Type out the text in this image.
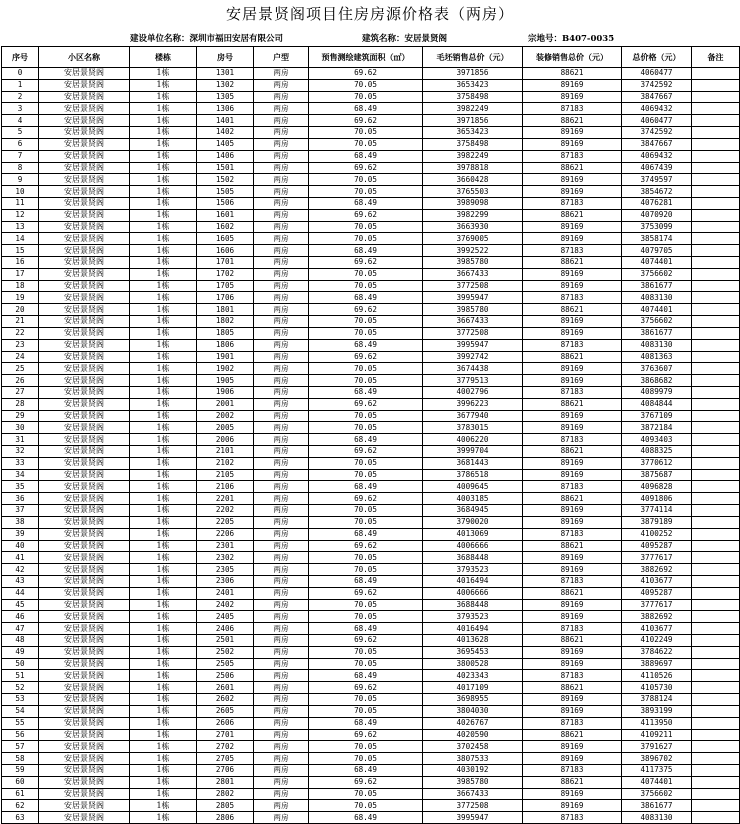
安居景贤阁项目住房房源价格表（两房）
建设单位名称：深圳市福田安居有限公司	建筑名称：安居景贤阁	宗地号：B407-0035
序号	小区名称	楼栋	房号	户型	预售测绘建筑面积（㎡）	毛坯销售总价（元）	装修销售总价（元）	总价格（元）	备注
0	安居景贤阁	1栋	1301	两房	69.62	3971856	88621	4060477	
1	安居景贤阁	1栋	1302	两房	70.05	3653423	89169	3742592	
2	安居景贤阁	1栋	1305	两房	70.05	3758498	89169	3847667	
3	安居景贤阁	1栋	1306	两房	68.49	3982249	87183	4069432	
4	安居景贤阁	1栋	1401	两房	69.62	3971856	88621	4060477	
5	安居景贤阁	1栋	1402	两房	70.05	3653423	89169	3742592	
6	安居景贤阁	1栋	1405	两房	70.05	3758498	89169	3847667	
7	安居景贤阁	1栋	1406	两房	68.49	3982249	87183	4069432	
8	安居景贤阁	1栋	1501	两房	69.62	3978818	88621	4067439	
9	安居景贤阁	1栋	1502	两房	70.05	3660428	89169	3749597	
10	安居景贤阁	1栋	1505	两房	70.05	3765503	89169	3854672	
11	安居景贤阁	1栋	1506	两房	68.49	3989098	87183	4076281	
12	安居景贤阁	1栋	1601	两房	69.62	3982299	88621	4070920	
13	安居景贤阁	1栋	1602	两房	70.05	3663930	89169	3753099	
14	安居景贤阁	1栋	1605	两房	70.05	3769005	89169	3858174	
15	安居景贤阁	1栋	1606	两房	68.49	3992522	87183	4079705	
16	安居景贤阁	1栋	1701	两房	69.62	3985780	88621	4074401	
17	安居景贤阁	1栋	1702	两房	70.05	3667433	89169	3756602	
18	安居景贤阁	1栋	1705	两房	70.05	3772508	89169	3861677	
19	安居景贤阁	1栋	1706	两房	68.49	3995947	87183	4083130	
20	安居景贤阁	1栋	1801	两房	69.62	3985780	88621	4074401	
21	安居景贤阁	1栋	1802	两房	70.05	3667433	89169	3756602	
22	安居景贤阁	1栋	1805	两房	70.05	3772508	89169	3861677	
23	安居景贤阁	1栋	1806	两房	68.49	3995947	87183	4083130	
24	安居景贤阁	1栋	1901	两房	69.62	3992742	88621	4081363	
25	安居景贤阁	1栋	1902	两房	70.05	3674438	89169	3763607	
26	安居景贤阁	1栋	1905	两房	70.05	3779513	89169	3868682	
27	安居景贤阁	1栋	1906	两房	68.49	4002796	87183	4089979	
28	安居景贤阁	1栋	2001	两房	69.62	3996223	88621	4084844	
29	安居景贤阁	1栋	2002	两房	70.05	3677940	89169	3767109	
30	安居景贤阁	1栋	2005	两房	70.05	3783015	89169	3872184	
31	安居景贤阁	1栋	2006	两房	68.49	4006220	87183	4093403	
32	安居景贤阁	1栋	2101	两房	69.62	3999704	88621	4088325	
33	安居景贤阁	1栋	2102	两房	70.05	3681443	89169	3770612	
34	安居景贤阁	1栋	2105	两房	70.05	3786518	89169	3875687	
35	安居景贤阁	1栋	2106	两房	68.49	4009645	87183	4096828	
36	安居景贤阁	1栋	2201	两房	69.62	4003185	88621	4091806	
37	安居景贤阁	1栋	2202	两房	70.05	3684945	89169	3774114	
38	安居景贤阁	1栋	2205	两房	70.05	3790020	89169	3879189	
39	安居景贤阁	1栋	2206	两房	68.49	4013069	87183	4100252	
40	安居景贤阁	1栋	2301	两房	69.62	4006666	88621	4095287	
41	安居景贤阁	1栋	2302	两房	70.05	3688448	89169	3777617	
42	安居景贤阁	1栋	2305	两房	70.05	3793523	89169	3882692	
43	安居景贤阁	1栋	2306	两房	68.49	4016494	87183	4103677	
44	安居景贤阁	1栋	2401	两房	69.62	4006666	88621	4095287	
45	安居景贤阁	1栋	2402	两房	70.05	3688448	89169	3777617	
46	安居景贤阁	1栋	2405	两房	70.05	3793523	89169	3882692	
47	安居景贤阁	1栋	2406	两房	68.49	4016494	87183	4103677	
48	安居景贤阁	1栋	2501	两房	69.62	4013628	88621	4102249	
49	安居景贤阁	1栋	2502	两房	70.05	3695453	89169	3784622	
50	安居景贤阁	1栋	2505	两房	70.05	3800528	89169	3889697	
51	安居景贤阁	1栋	2506	两房	68.49	4023343	87183	4110526	
52	安居景贤阁	1栋	2601	两房	69.62	4017109	88621	4105730	
53	安居景贤阁	1栋	2602	两房	70.05	3698955	89169	3788124	
54	安居景贤阁	1栋	2605	两房	70.05	3804030	89169	3893199	
55	安居景贤阁	1栋	2606	两房	68.49	4026767	87183	4113950	
56	安居景贤阁	1栋	2701	两房	69.62	4020590	88621	4109211	
57	安居景贤阁	1栋	2702	两房	70.05	3702458	89169	3791627	
58	安居景贤阁	1栋	2705	两房	70.05	3807533	89169	3896702	
59	安居景贤阁	1栋	2706	两房	68.49	4030192	87183	4117375	
60	安居景贤阁	1栋	2801	两房	69.62	3985780	88621	4074401	
61	安居景贤阁	1栋	2802	两房	70.05	3667433	89169	3756602	
62	安居景贤阁	1栋	2805	两房	70.05	3772508	89169	3861677	
63	安居景贤阁	1栋	2806	两房	68.49	3995947	87183	4083130	
